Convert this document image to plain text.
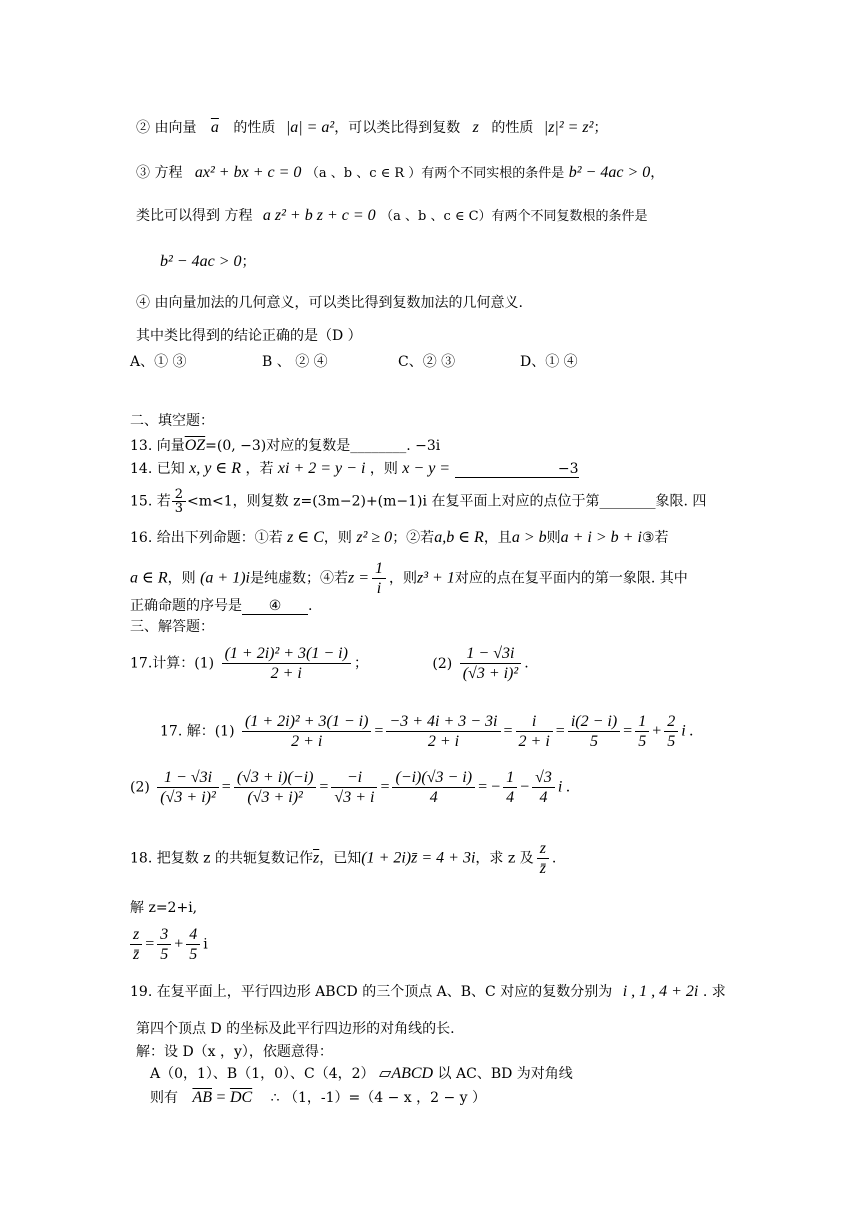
② 由向量 $\overline{a}$ 的性质 |a| = a²，可以类比得到复数 z 的性质 |z|² = z²；
③ 方程 ax² + bx + c = 0 （a 、b 、c ∈ R ）有两个不同实根的条件是 b² − 4ac > 0，
类比可以得到 方程 a z² + b z + c = 0 （a 、b 、c ∈ C）有两个不同复数根的条件是
b² − 4ac > 0；
④ 由向量加法的几何意义，可以类比得到复数加法的几何意义.
其中类比得到的结论正确的是（D ）
A、① ③	B 、 ② ④	C、② ③	D、① ④
二、填空题：
13. 向量$\overline{OZ}=(0$, −3)对应的复数是________. −3i
14. 已知 x, y ∈ R ，若 xi + 2 = y − i ，则 x − y =	−3
15. 若 $\frac{2}{3} <m<1$，则复数 z=(3m−2)+(m−1)i 在复平面上对应的点位于第________象限. 四
16. 给出下列命题：①若 z ∈ C，则 z² ≥ 0；②若a,b ∈ R，且a > b则a + i > b + i③若
a ∈ R，则 (a + 1)i是纯虚数；④若$z = \frac{1}{i}$ ，则z³ + 1对应的点在复平面内的第一象限. 其中
正确命题的序号是 ④ .
三、解答题：
17.计算：$(1) \frac{\text{(1 + 2i)² + 3(1 − i)}}{2 + i}$ ；	$(2) \frac{1 - √3i}{\text{(√3 + i)²}}$ .
17. 解：$(1) \frac{\text{(1 + 2i)² + 3(1 − i)}}{2 + i} = \frac{-3 + 4i + 3 - 3i}{2 + i} = \frac{i}{2 + i} = \frac{i(2 - i)}{5} = \frac{1}{5} + \frac{2}{5}$ i .
$(2) \frac{1 - √3i}{\text{(√3 + i)²}} = \frac{(√3 + i)(-i)}{\text{(√3 + i)²}} = \frac{-i}{√3 + i} = \frac{(-i)(√3 - i)}{4}$ = − $\frac{1}{4} - \frac{√3}{4}$ i .
18. 把复数 z 的共轭复数记作$\overline{z}$，已知(1 + 2i)z̄ = 4 + 3i，求 z 及 $\frac{z}{z̄}$ .
解 z=2+i,
$\frac{z}{z̄} = \frac{3}{5} + \frac{4}{5}$ i
19. 在复平面上，平行四边形 ABCD 的三个顶点 A、B、C 对应的复数分别为 i , 1 , 4 + 2i . 求
第四个顶点 D 的坐标及此平行四边形的对角线的长.
解：设 D（x ，y），依题意得：
A（0，1）、B（1，0）、C（4，2） ▱ABCD 以 AC、BD 为对角线
则有 $\overline{AB} = \overline{DC}$ ∴ （1，-1）=（4 − x ，2 − y ）
